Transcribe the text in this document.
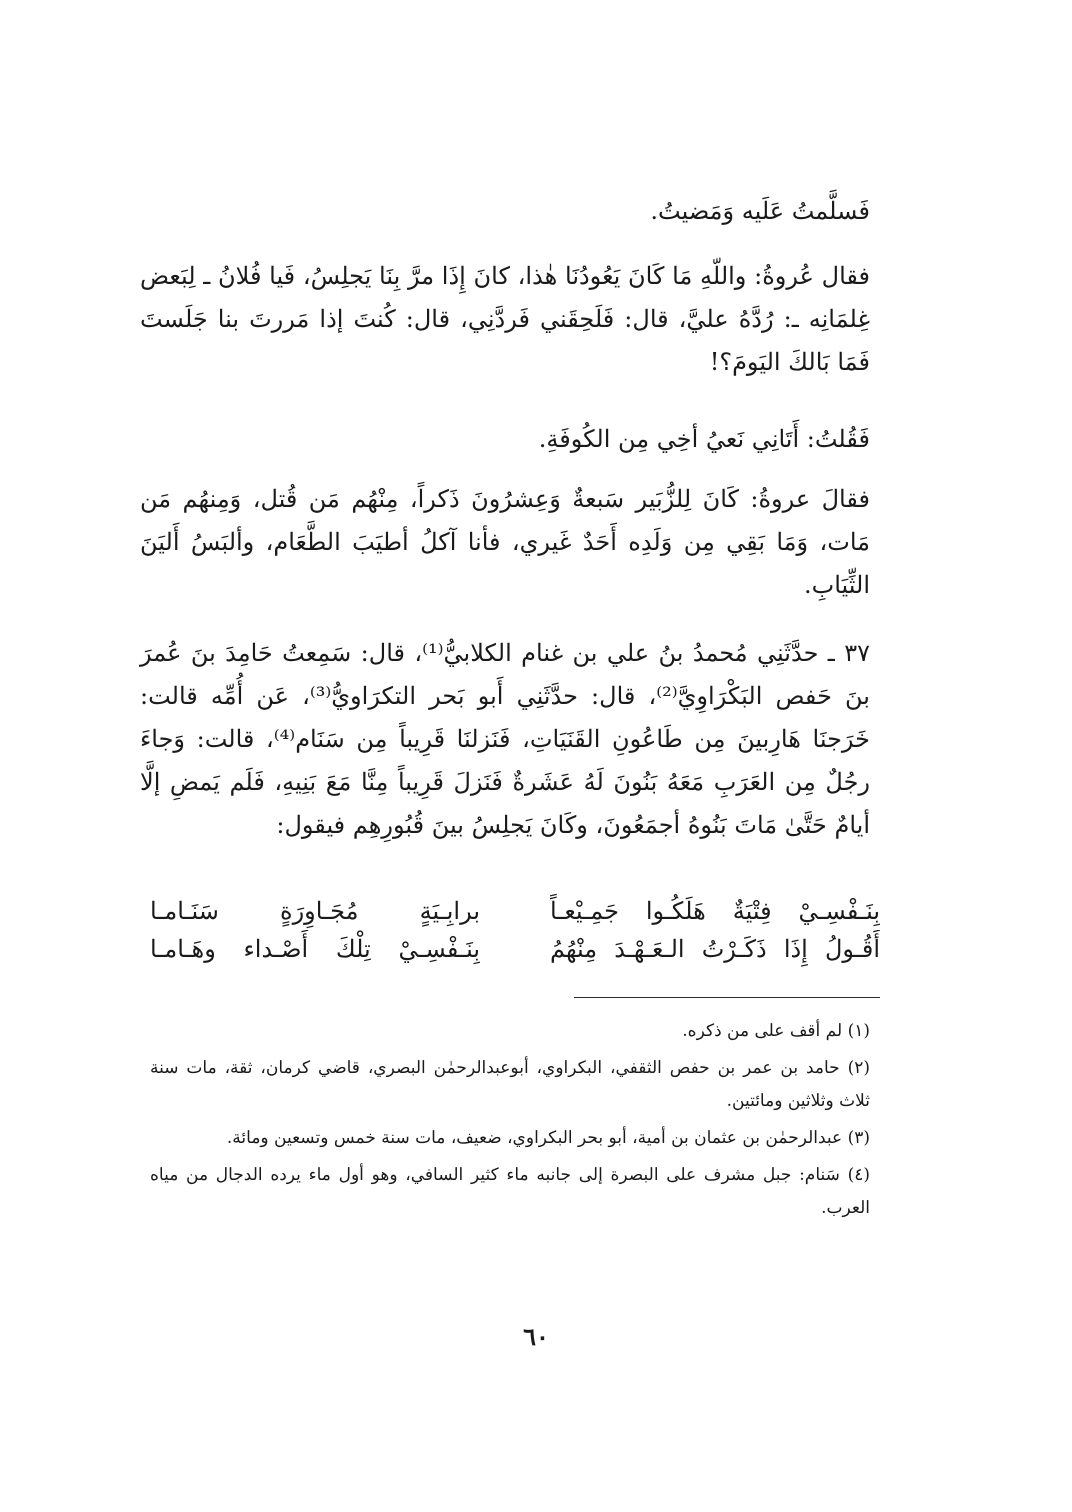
فَسلَّمتُ عَلَيه وَمَضيتُ.

فقال عُروةُ: واللّهِ مَا كَانَ يَعُودُنَا هٰذا، كانَ إِذَا مرَّ بِنَا يَجلِسُ، فَيا فُلانُ ـ لِبَعض غِلمَانِه ـ: رُدَّهُ عليَّ، قال: فَلَحِقَني فَردَّنِي، قال: كُنتَ إذا مَررتَ بنا جَلَستَ فَمَا بَالكَ اليَومَ؟!

فَقُلتُ: أَتَانِي نَعيُ أخِي مِن الكُوفَةِ.

فقالَ عروةُ: كَانَ لِلزُّبَير سَبعةٌ وَعِشرُونَ ذَكراً، مِنْهُم مَن قُتل، وَمِنهُم مَن مَات، وَمَا بَقِي مِن وَلَدِه أَحَدٌ غَيري، فأنا آكلُ أطيَبَ الطَّعَام، وألبَسُ أَليَنَ الثِّيَابِ.

٣٧ ـ حدَّثَنِي مُحمدُ بنُ علي بن غنام الكلابيُّ⁽¹⁾، قال: سَمِعتُ حَامِدَ بنَ عُمرَ بنَ حَفص البَكْرَاوِيَّ⁽²⁾، قال: حدَّثَنِي أَبو بَحر التكرَاويُّ⁽³⁾، عَن أُمِّه قالت: خَرَجنَا هَارِبينَ مِن طَاعُونِ القَنَيَاتِ، فَنَزلنَا قَرِيباً مِن سَنَام⁽⁴⁾، قالت: وَجاءَ رجُلٌ مِن العَرَبِ مَعَهُ بَنُونَ لَهُ عَشَرةٌ فَنَزلَ قَرِيباً مِنَّا مَعَ بَنِيهِ، فَلَم يَمضِ إلَّا أيامٌ حَتَّىٰ مَاتَ بَنُوهُ أجمَعُونَ، وكَانَ يَجلِسُ بينَ قُبُورِهِم فيقول:

بِنَـفْسِـيْ فِتْيَةٌ هَلَكُـوا جَمِـيْعـاً
برابِـيَةٍ مُجَـاوِرَةٍ سَنَـامـا
أَقُـولُ إِذَا ذَكَـرْتُ الـعَـهْـدَ مِنْهُمُ
بِنَـفْسِـيْ تِلْكَ أَصْـداء وهَـامـا

(١) لم أقف على من ذكره.

(٢) حامد بن عمر بن حفص الثقفي، البكراوي، أبوعبدالرحمٰن البصري، قاضي كرمان، ثقة، مات سنة ثلاث وثلاثين ومائتين.

(٣) عبدالرحمٰن بن عثمان بن أمية، أبو بحر البكراوي، ضعيف، مات سنة خمس وتسعين ومائة.

(٤) سَنام: جبل مشرف على البصرة إلى جانبه ماء كثير السافي، وهو أول ماء يرده الدجال من مياه العرب.

٦٠
